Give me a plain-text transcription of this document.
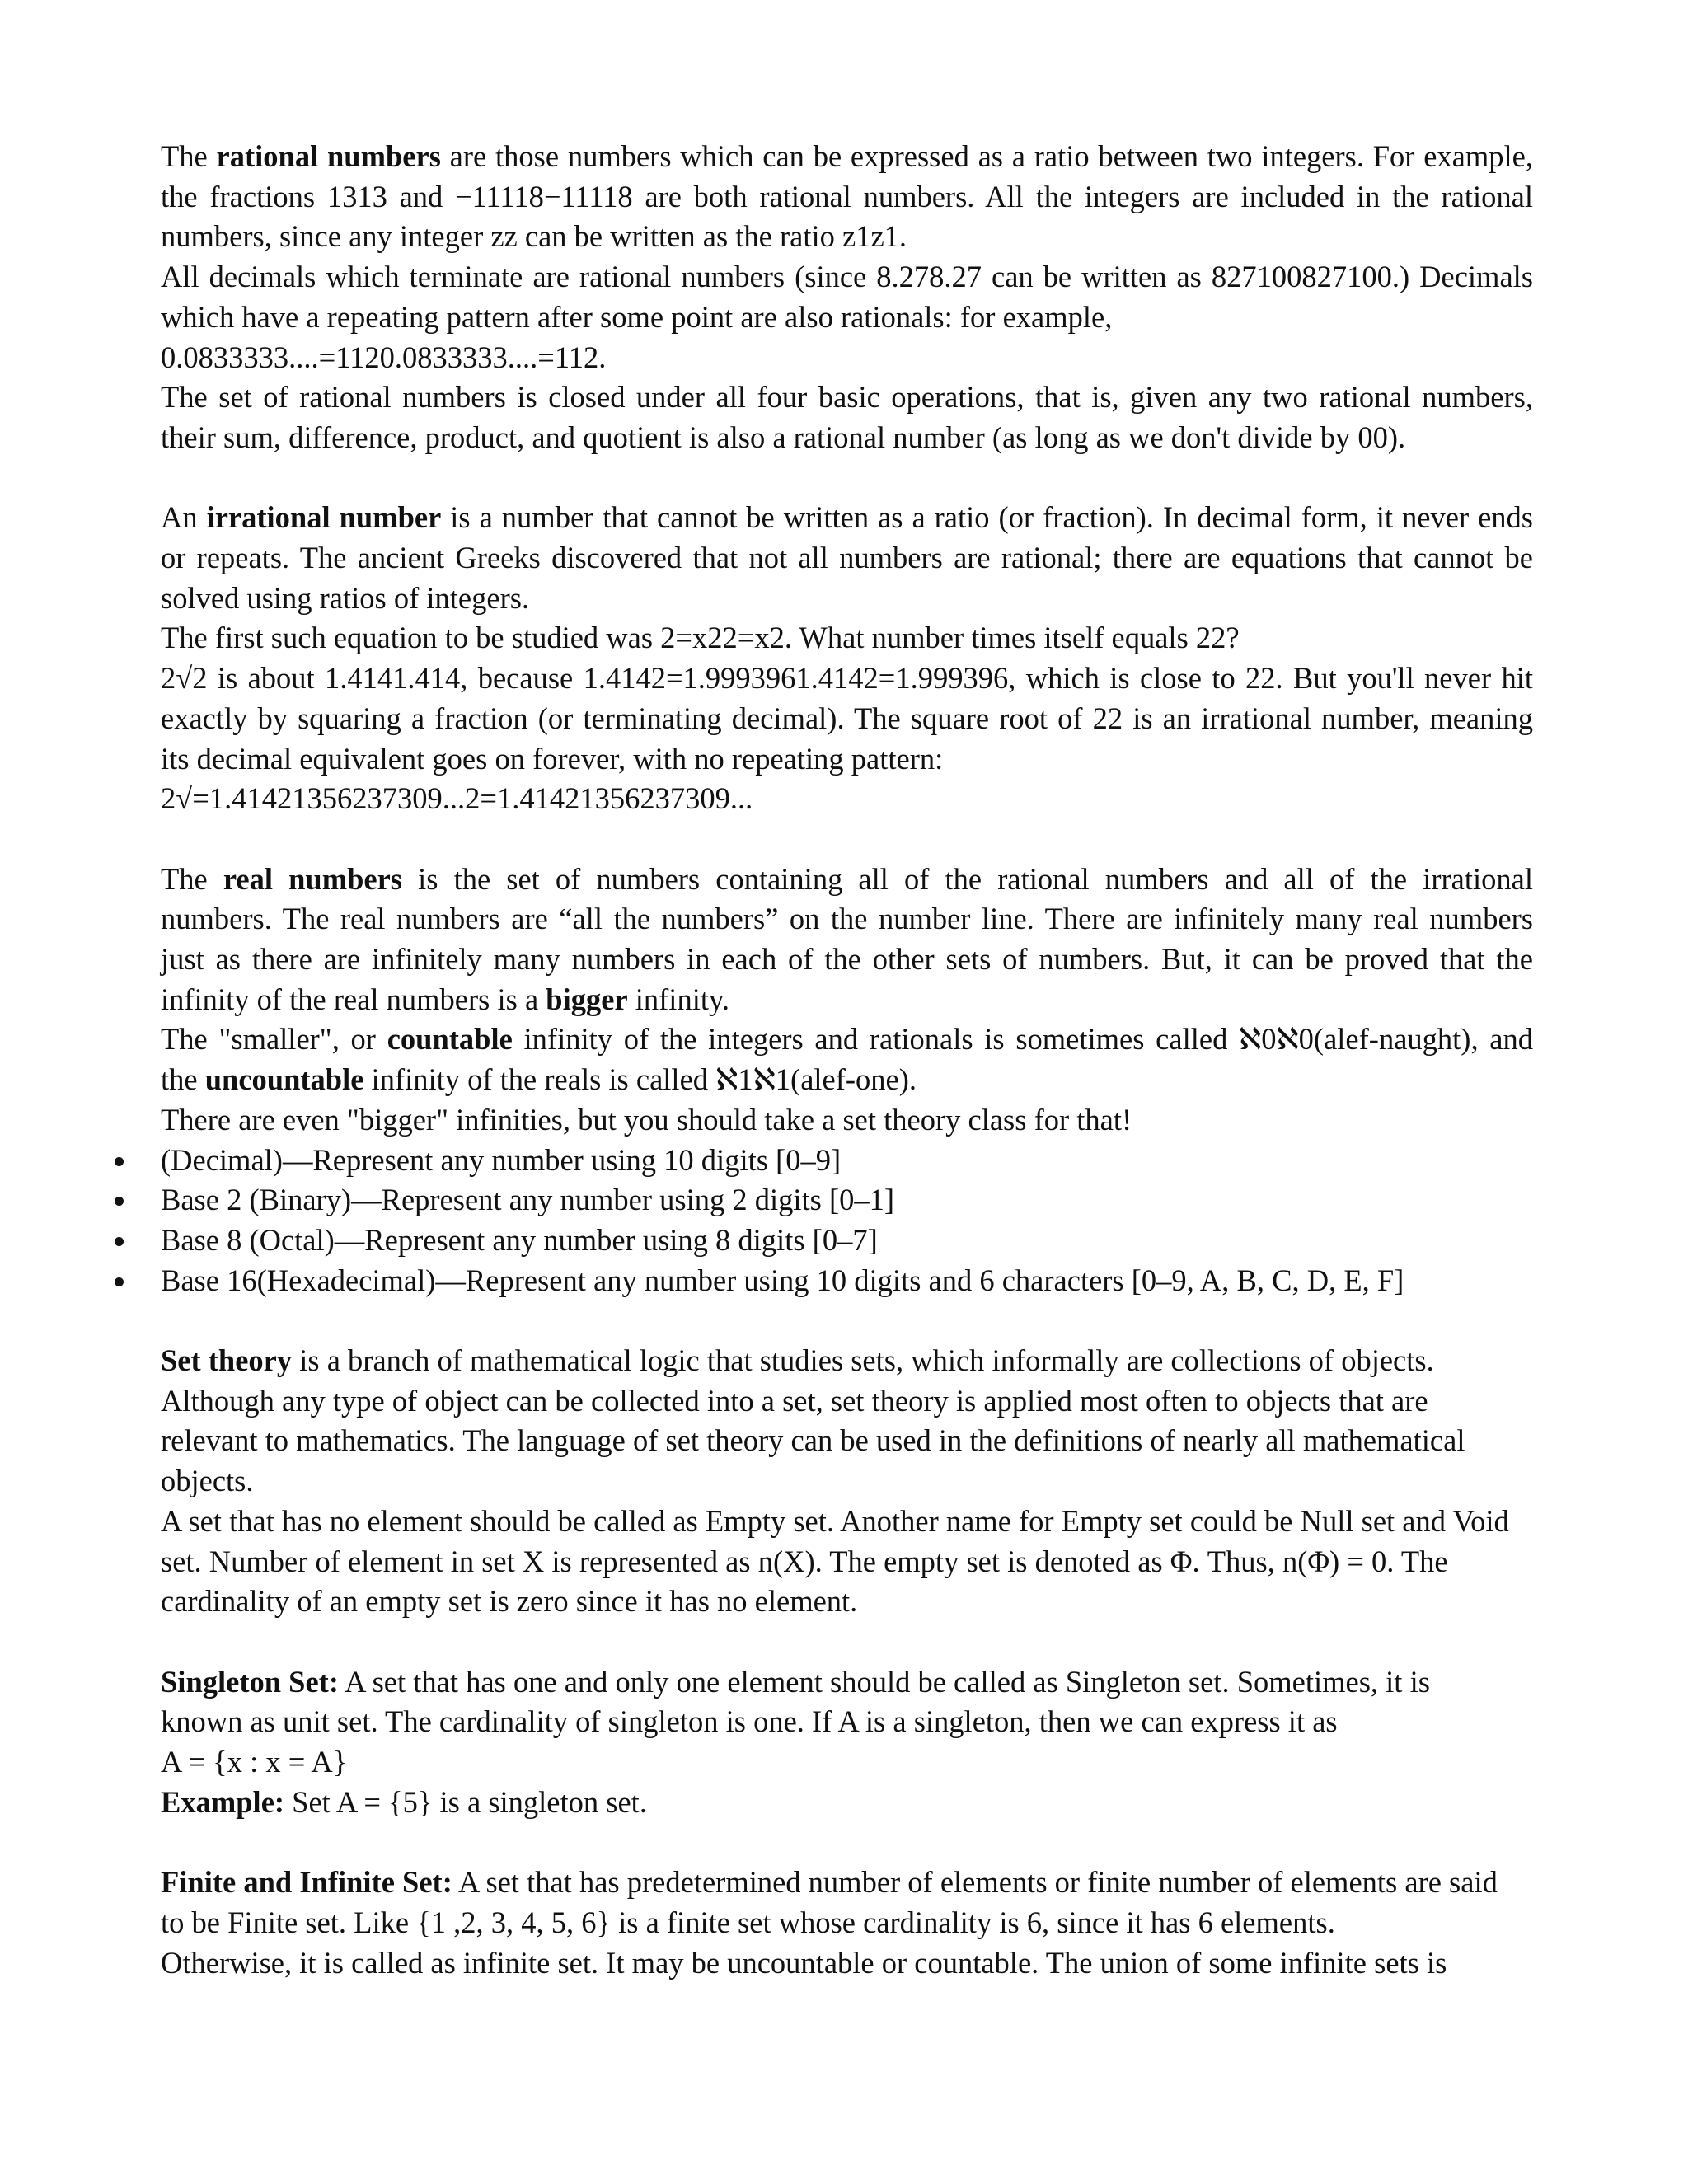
The rational numbers are those numbers which can be expressed as a ratio between two integers. For example,
the fractions 1313 and −11118−11118 are both rational numbers. All the integers are included in the rational
numbers, since any integer zz can be written as the ratio z1z1.
All decimals which terminate are rational numbers (since 8.278.27 can be written as 827100827100.) Decimals
which have a repeating pattern after some point are also rationals: for example,
0.0833333....=1120.0833333....=112.
The set of rational numbers is closed under all four basic operations, that is, given any two rational numbers,
their sum, difference, product, and quotient is also a rational number (as long as we don't divide by 00).
An irrational number is a number that cannot be written as a ratio (or fraction). In decimal form, it never ends
or repeats. The ancient Greeks discovered that not all numbers are rational; there are equations that cannot be
solved using ratios of integers.
The first such equation to be studied was 2=x22=x2. What number times itself equals 22?
2√2 is about 1.4141.414, because 1.4142=1.9993961.4142=1.999396, which is close to 22. But you'll never hit
exactly by squaring a fraction (or terminating decimal). The square root of 22 is an irrational number, meaning
its decimal equivalent goes on forever, with no repeating pattern:
2√=1.41421356237309...2=1.41421356237309...
The real numbers is the set of numbers containing all of the rational numbers and all of the irrational
numbers. The real numbers are “all the numbers” on the number line. There are infinitely many real numbers
just as there are infinitely many numbers in each of the other sets of numbers. But, it can be proved that the
infinity of the real numbers is a bigger infinity.
The "smaller", or countable infinity of the integers and rationals is sometimes called ℵ0ℵ0(alef-naught), and
the uncountable infinity of the reals is called ℵ1ℵ1(alef-one).
There are even "bigger" infinities, but you should take a set theory class for that!
(Decimal)—Represent any number using 10 digits [0–9]
Base 2 (Binary)—Represent any number using 2 digits [0–1]
Base 8 (Octal)—Represent any number using 8 digits [0–7]
Base 16(Hexadecimal)—Represent any number using 10 digits and 6 characters [0–9, A, B, C, D, E, F]
Set theory is a branch of mathematical logic that studies sets, which informally are collections of objects.
Although any type of object can be collected into a set, set theory is applied most often to objects that are
relevant to mathematics. The language of set theory can be used in the definitions of nearly all mathematical
objects.
A set that has no element should be called as Empty set. Another name for Empty set could be Null set and Void
set. Number of element in set X is represented as n(X). The empty set is denoted as Φ. Thus, n(Φ) = 0. The
cardinality of an empty set is zero since it has no element.
Singleton Set: A set that has one and only one element should be called as Singleton set. Sometimes, it is
known as unit set. The cardinality of singleton is one. If A is a singleton, then we can express it as
A = {x : x = A}
Example: Set A = {5} is a singleton set.
Finite and Infinite Set: A set that has predetermined number of elements or finite number of elements are said
to be Finite set. Like {1 ,2, 3, 4, 5, 6} is a finite set whose cardinality is 6, since it has 6 elements.
Otherwise, it is called as infinite set. It may be uncountable or countable. The union of some infinite sets is
